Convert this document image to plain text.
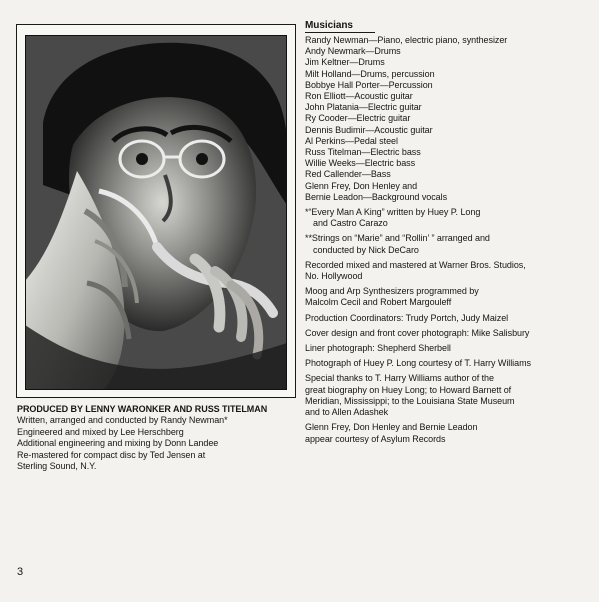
PRODUCED BY LENNY WARONKER AND RUSS TITELMAN
Written, arranged and conducted by Randy Newman*
Engineered and mixed by Lee Herschberg
Additional engineering and mixing by Donn Landee
Re-mastered for compact disc by Ted Jensen at
Sterling Sound, N.Y.
Musicians
Randy Newman—Piano, electric piano, synthesizer
Andy Newmark—Drums
Jim Keltner—Drums
Milt Holland—Drums, percussion
Bobbye Hall Porter—Percussion
Ron Elliott—Acoustic guitar
John Platania—Electric guitar
Ry Cooder—Electric guitar
Dennis Budimir—Acoustic guitar
Al Perkins—Pedal steel
Russ Titelman—Electric bass
Willie Weeks—Electric bass
Red Callender—Bass
Glenn Frey, Don Henley and
Bernie Leadon—Background vocals
*“Every Man A King” written by Huey P. Long
and Castro Carazo
**Strings on “Marie” and “Rollin’ ” arranged and
conducted by Nick DeCaro
Recorded mixed and mastered at Warner Bros. Studios,
No. Hollywood
Moog and Arp Synthesizers programmed by
Malcolm Cecil and Robert Margouleff
Production Coordinators: Trudy Portch, Judy Maizel
Cover design and front cover photograph: Mike Salisbury
Liner photograph: Shepherd Sherbell
Photograph of Huey P. Long courtesy of T. Harry Williams
Special thanks to T. Harry Williams author of the
great biography on Huey Long; to Howard Barnett of
Meridian, Mississippi; to the Louisiana State Museum
and to Allen Adashek
Glenn Frey, Don Henley and Bernie Leadon
appear courtesy of Asylum Records
3
